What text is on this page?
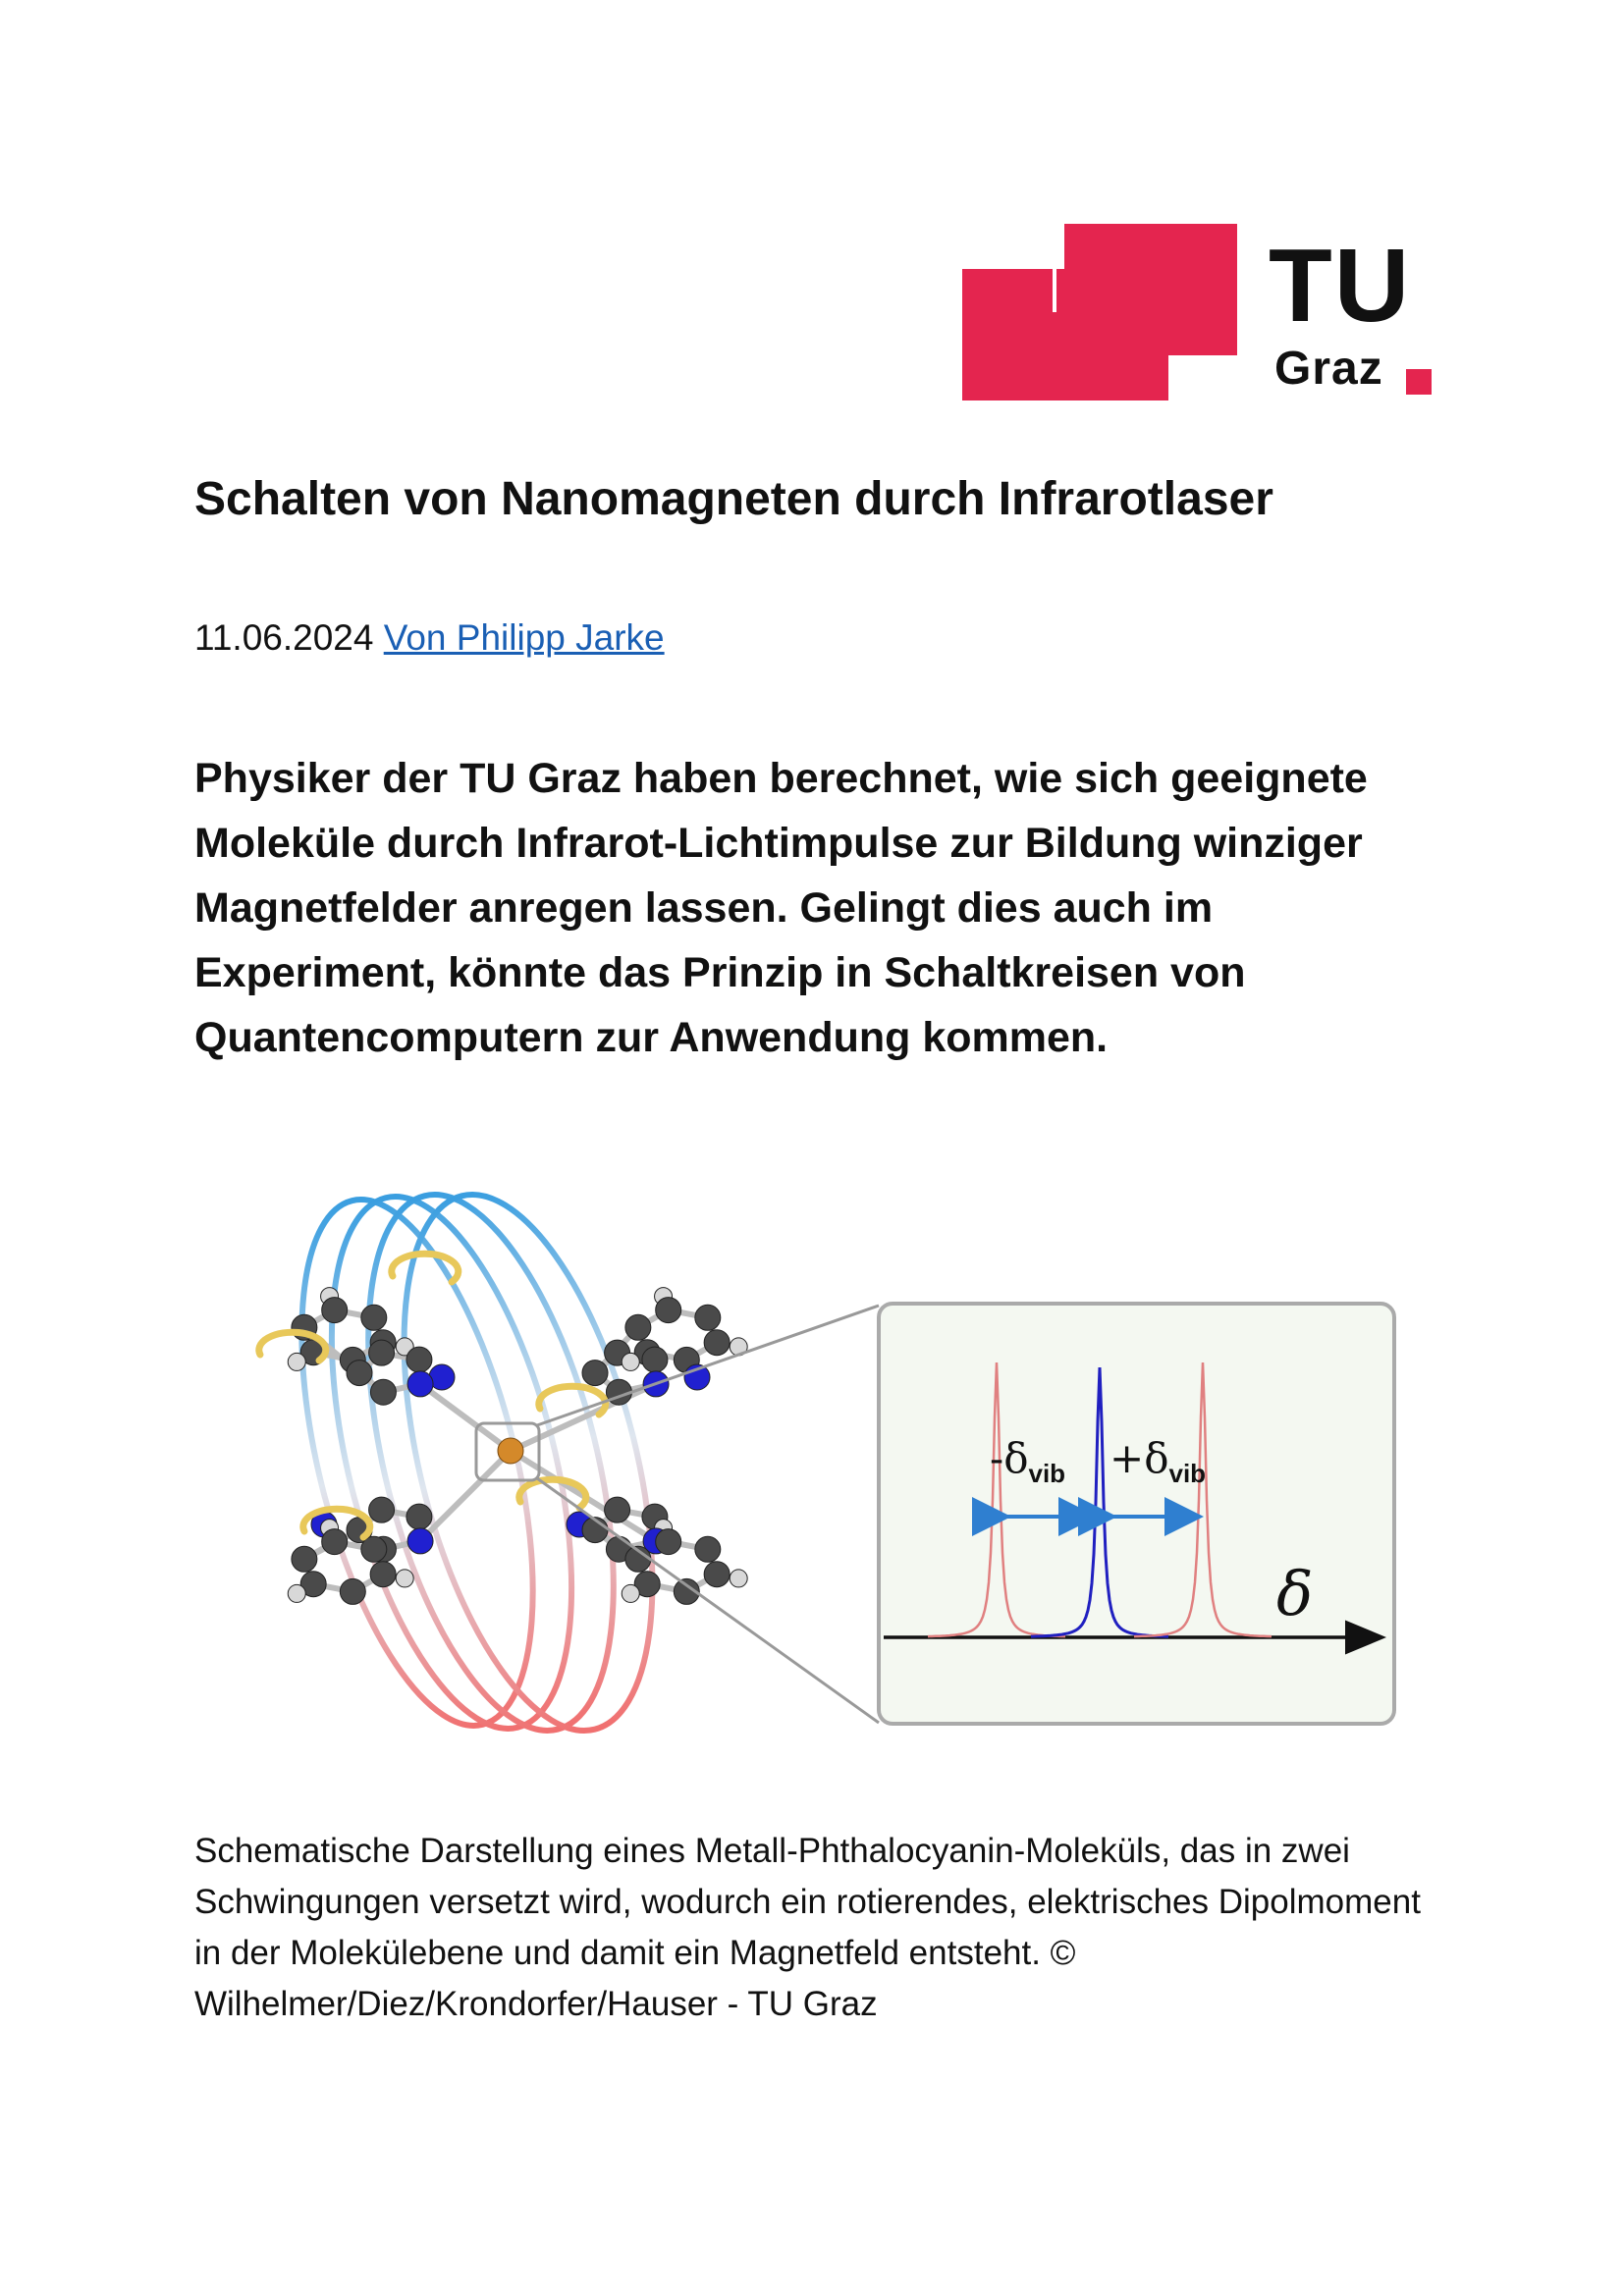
TU
Graz
Schalten von Nanomagneten durch Infrarotlaser
11.06.2024 Von Philipp Jarke

Physiker der TU Graz haben berechnet, wie sich geeignete Moleküle durch Infrarot-Lichtimpulse zur Bildung winziger Magnetfelder anregen lassen. Gelingt dies auch im Experiment, könnte das Prinzip in Schaltkreisen von Quantencomputern zur Anwendung kommen.

$-\delta_{vib} +\delta_{vib}$
δ

Schematische Darstellung eines Metall-Phthalocyanin-Moleküls, das in zwei Schwingungen versetzt wird, wodurch ein rotierendes, elektrisches Dipolmoment in der Molekülebene und damit ein Magnetfeld entsteht. © Wilhelmer/Diez/Krondorfer/Hauser - TU Graz
